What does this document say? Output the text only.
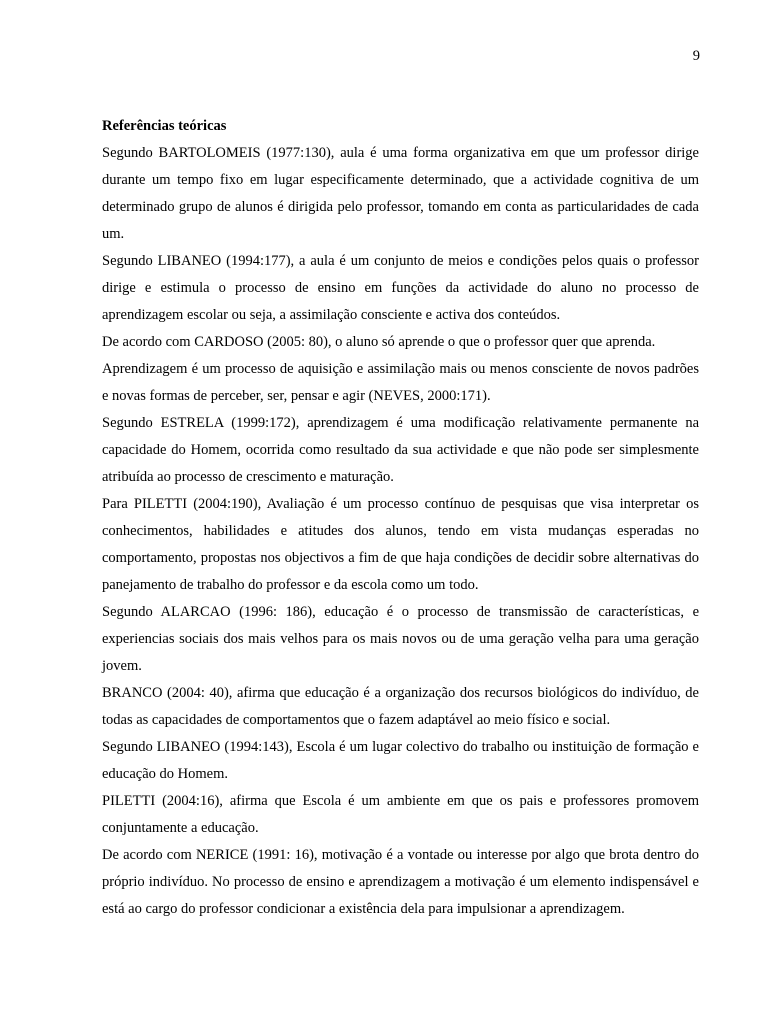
9

Referências teóricas

Segundo BARTOLOMEIS (1977:130), aula é uma forma organizativa em que um professor dirige durante um tempo fixo em lugar especificamente determinado, que a actividade cognitiva de um determinado grupo de alunos é dirigida pelo professor, tomando em conta as particularidades de cada um.

Segundo LIBANEO (1994:177), a aula é um conjunto de meios e condições pelos quais o professor dirige e estimula o processo de ensino em funções da actividade do aluno no processo de aprendizagem escolar ou seja, a assimilação consciente e activa dos conteúdos.

De acordo com CARDOSO (2005: 80), o aluno só aprende o que o professor quer que aprenda.

Aprendizagem é um processo de aquisição e assimilação mais ou menos consciente de novos padrões e novas formas de perceber, ser, pensar e agir (NEVES, 2000:171).

Segundo ESTRELA (1999:172), aprendizagem é uma modificação relativamente permanente na capacidade do Homem, ocorrida como resultado da sua actividade e que não pode ser simplesmente atribuída ao processo de crescimento e maturação.

Para PILETTI (2004:190), Avaliação é um processo contínuo de pesquisas que visa interpretar os conhecimentos, habilidades e atitudes dos alunos, tendo em vista mudanças esperadas no comportamento, propostas nos objectivos a fim de que haja condições de decidir sobre alternativas do panejamento de trabalho do professor e da escola como um todo.

Segundo ALARCAO (1996: 186), educação é o processo de transmissão de características, e experiencias sociais dos mais velhos para os mais novos ou de uma geração velha para uma geração jovem.

BRANCO (2004: 40), afirma que educação é a organização dos recursos biológicos do indivíduo, de todas as capacidades de comportamentos que o fazem adaptável ao meio físico e social.

Segundo LIBANEO (1994:143), Escola é um lugar colectivo do trabalho ou instituição de formação e educação do Homem.

PILETTI (2004:16), afirma que Escola é um ambiente em que os pais e professores promovem conjuntamente a educação.

De acordo com NERICE (1991: 16), motivação é a vontade ou interesse por algo que brota dentro do próprio indivíduo. No processo de ensino e aprendizagem a motivação é um elemento indispensável e está ao cargo do professor condicionar a existência dela para impulsionar a aprendizagem.
